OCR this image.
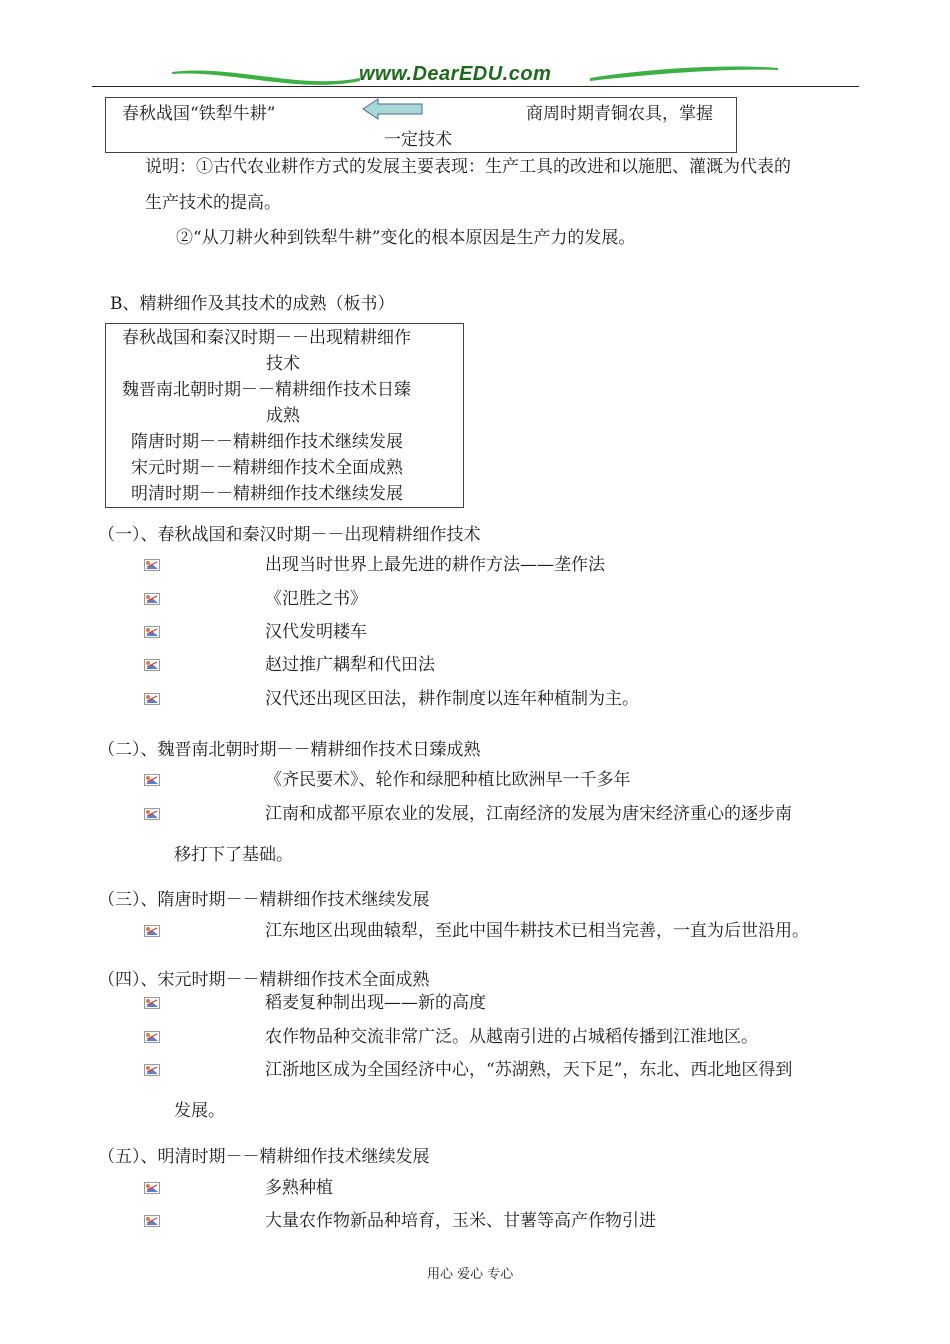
www.DearEDU.com
春秋战国“铁犁牛耕”	商周时期青铜农具，掌握
一定技术
说明：①古代农业耕作方式的发展主要表现：生产工具的改进和以施肥、灌溉为代表的
生产技术的提高。
②“从刀耕火种到铁犁牛耕”变化的根本原因是生产力的发展。
B、精耕细作及其技术的成熟（板书）
春秋战国和秦汉时期－－出现精耕细作
技术
魏晋南北朝时期－－精耕细作技术日臻
成熟
隋唐时期－－精耕细作技术继续发展
宋元时期－－精耕细作技术全面成熟
明清时期－－精耕细作技术继续发展
（一）、春秋战国和秦汉时期－－出现精耕细作技术
出现当时世界上最先进的耕作方法——垄作法
《氾胜之书》
汉代发明耧车
赵过推广耦犁和代田法
汉代还出现区田法，耕作制度以连年种植制为主。
（二）、魏晋南北朝时期－－精耕细作技术日臻成熟
《齐民要术》、轮作和绿肥种植比欧洲早一千多年
江南和成都平原农业的发展，江南经济的发展为唐宋经济重心的逐步南
移打下了基础。
（三）、隋唐时期－－精耕细作技术继续发展
江东地区出现曲辕犁，至此中国牛耕技术已相当完善，一直为后世沿用。
（四）、宋元时期－－精耕细作技术全面成熟
稻麦复种制出现——新的高度
农作物品种交流非常广泛。从越南引进的占城稻传播到江淮地区。
江浙地区成为全国经济中心，“苏湖熟，天下足”，东北、西北地区得到
发展。
（五）、明清时期－－精耕细作技术继续发展
多熟种植
大量农作物新品种培育，玉米、甘薯等高产作物引进
用心 爱心 专心
